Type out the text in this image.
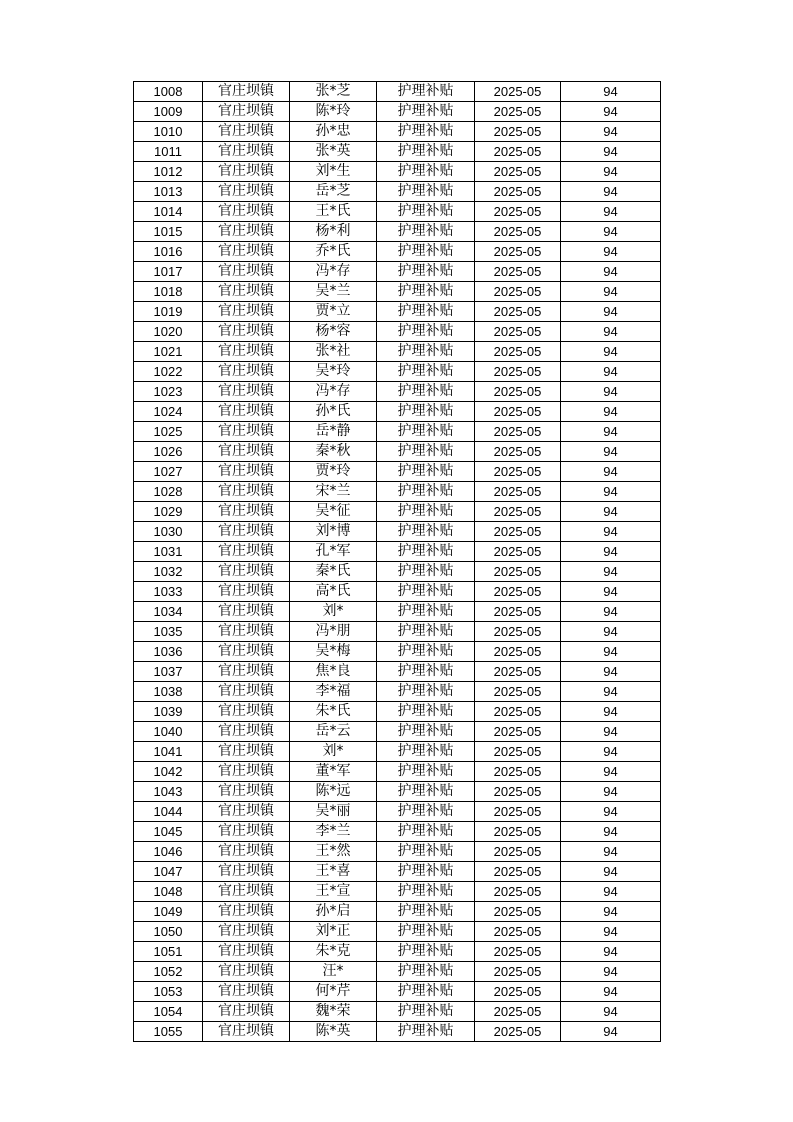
1008	官庄坝镇	张*芝	护理补贴	2025-05	94
1009	官庄坝镇	陈*玲	护理补贴	2025-05	94
1010	官庄坝镇	孙*忠	护理补贴	2025-05	94
1011	官庄坝镇	张*英	护理补贴	2025-05	94
1012	官庄坝镇	刘*生	护理补贴	2025-05	94
1013	官庄坝镇	岳*芝	护理补贴	2025-05	94
1014	官庄坝镇	王*氏	护理补贴	2025-05	94
1015	官庄坝镇	杨*利	护理补贴	2025-05	94
1016	官庄坝镇	乔*氏	护理补贴	2025-05	94
1017	官庄坝镇	冯*存	护理补贴	2025-05	94
1018	官庄坝镇	吴*兰	护理补贴	2025-05	94
1019	官庄坝镇	贾*立	护理补贴	2025-05	94
1020	官庄坝镇	杨*容	护理补贴	2025-05	94
1021	官庄坝镇	张*社	护理补贴	2025-05	94
1022	官庄坝镇	吴*玲	护理补贴	2025-05	94
1023	官庄坝镇	冯*存	护理补贴	2025-05	94
1024	官庄坝镇	孙*氏	护理补贴	2025-05	94
1025	官庄坝镇	岳*静	护理补贴	2025-05	94
1026	官庄坝镇	秦*秋	护理补贴	2025-05	94
1027	官庄坝镇	贾*玲	护理补贴	2025-05	94
1028	官庄坝镇	宋*兰	护理补贴	2025-05	94
1029	官庄坝镇	吴*征	护理补贴	2025-05	94
1030	官庄坝镇	刘*博	护理补贴	2025-05	94
1031	官庄坝镇	孔*军	护理补贴	2025-05	94
1032	官庄坝镇	秦*氏	护理补贴	2025-05	94
1033	官庄坝镇	高*氏	护理补贴	2025-05	94
1034	官庄坝镇	刘*	护理补贴	2025-05	94
1035	官庄坝镇	冯*朋	护理补贴	2025-05	94
1036	官庄坝镇	吴*梅	护理补贴	2025-05	94
1037	官庄坝镇	焦*良	护理补贴	2025-05	94
1038	官庄坝镇	李*福	护理补贴	2025-05	94
1039	官庄坝镇	朱*氏	护理补贴	2025-05	94
1040	官庄坝镇	岳*云	护理补贴	2025-05	94
1041	官庄坝镇	刘*	护理补贴	2025-05	94
1042	官庄坝镇	董*军	护理补贴	2025-05	94
1043	官庄坝镇	陈*远	护理补贴	2025-05	94
1044	官庄坝镇	吴*丽	护理补贴	2025-05	94
1045	官庄坝镇	李*兰	护理补贴	2025-05	94
1046	官庄坝镇	王*然	护理补贴	2025-05	94
1047	官庄坝镇	王*喜	护理补贴	2025-05	94
1048	官庄坝镇	王*宣	护理补贴	2025-05	94
1049	官庄坝镇	孙*启	护理补贴	2025-05	94
1050	官庄坝镇	刘*正	护理补贴	2025-05	94
1051	官庄坝镇	朱*克	护理补贴	2025-05	94
1052	官庄坝镇	汪*	护理补贴	2025-05	94
1053	官庄坝镇	何*芹	护理补贴	2025-05	94
1054	官庄坝镇	魏*荣	护理补贴	2025-05	94
1055	官庄坝镇	陈*英	护理补贴	2025-05	94
